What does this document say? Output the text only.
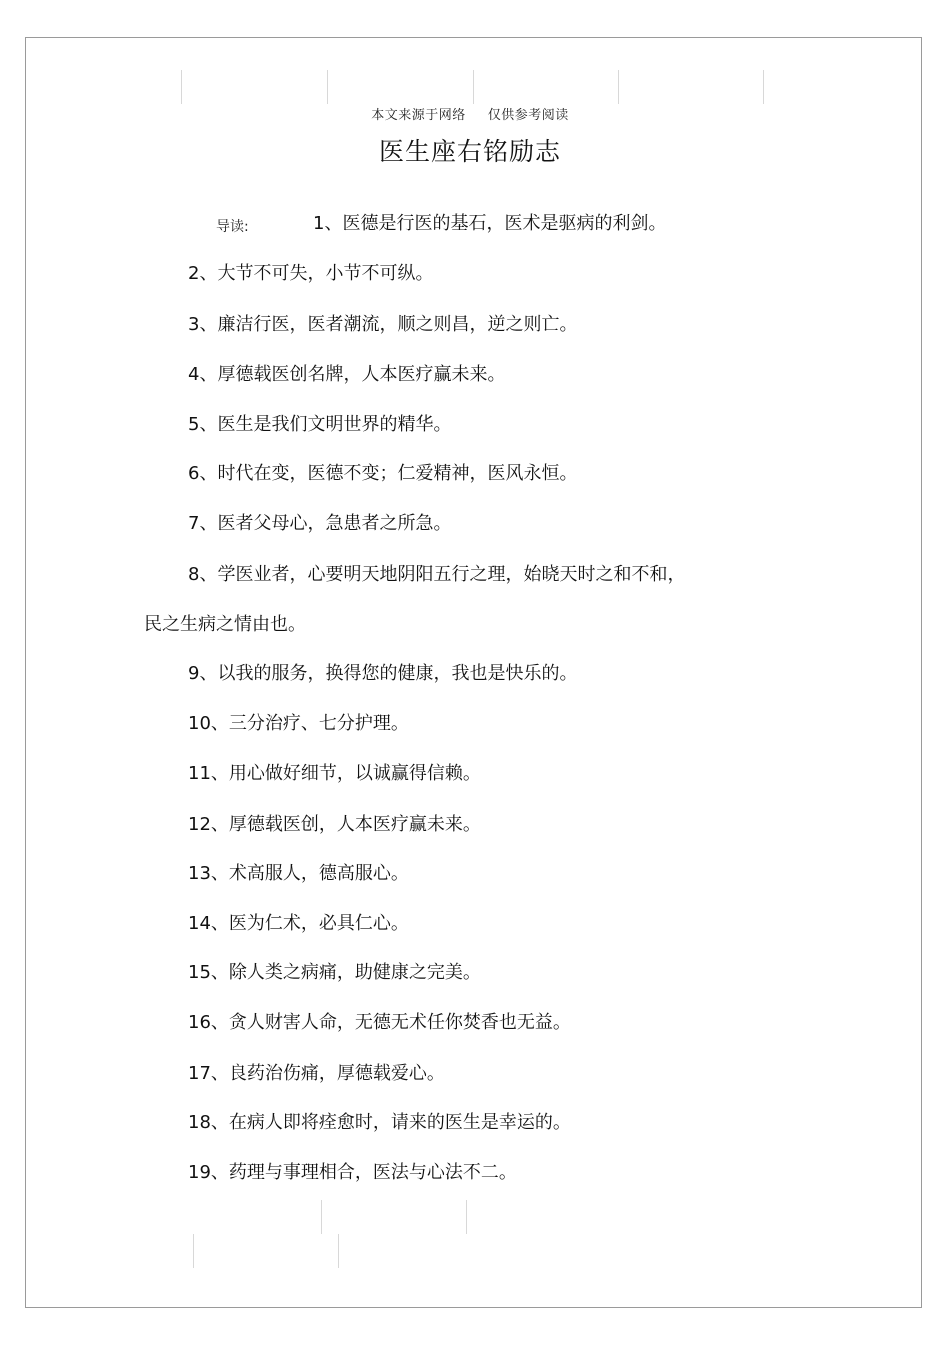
本文来源于网络 仅供参考阅读
医生座右铭励志
导读:	1、医德是行医的基石，医术是驱病的利剑。
2、大节不可失，小节不可纵。
3、廉洁行医，医者潮流，顺之则昌，逆之则亡。
4、厚德载医创名牌，人本医疗赢未来。
5、医生是我们文明世界的精华。
6、时代在变，医德不变；仁爱精神，医风永恒。
7、医者父母心，急患者之所急。
8、学医业者，心要明天地阴阳五行之理，始晓天时之和不和，
民之生病之情由也。
9、以我的服务，换得您的健康，我也是快乐的。
10、三分治疗、七分护理。
11、用心做好细节，以诚赢得信赖。
12、厚德载医创，人本医疗赢未来。
13、术高服人，德高服心。
14、医为仁术，必具仁心。
15、除人类之病痛，助健康之完美。
16、贪人财害人命，无德无术任你焚香也无益。
17、良药治伤痛，厚德载爱心。
18、在病人即将痊愈时，请来的医生是幸运的。
19、药理与事理相合，医法与心法不二。
